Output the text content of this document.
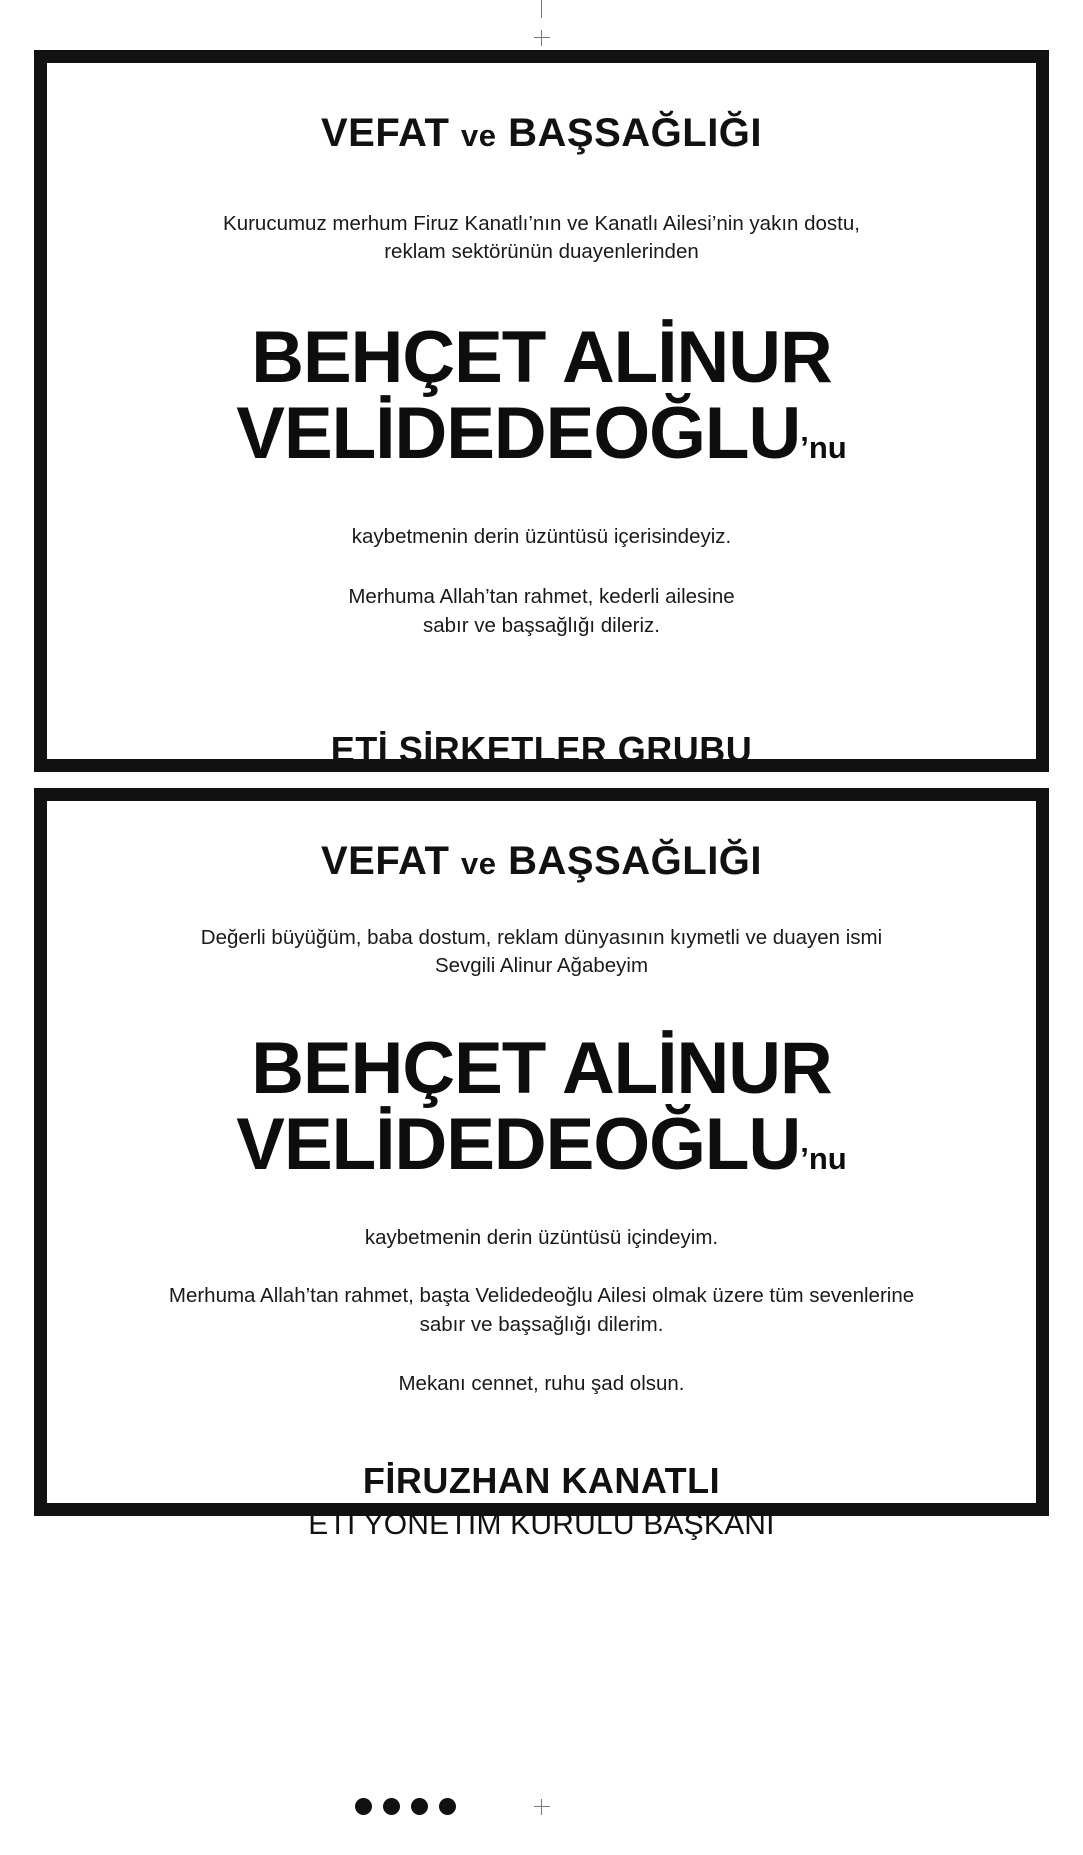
VEFAT ve BAŞSAĞLIĞI
Kurucumuz merhum Firuz Kanatlı’nın ve Kanatlı Ailesi’nin yakın dostu,
reklam sektörünün duayenlerinden
BEHÇET ALİNUR
VELİDEDEOĞLU’nu
kaybetmenin derin üzüntüsü içerisindeyiz.
Merhuma Allah’tan rahmet, kederli ailesine
sabır ve başsağlığı dileriz.
ETİ ŞİRKETLER GRUBU
VEFAT ve BAŞSAĞLIĞI
Değerli büyüğüm, baba dostum, reklam dünyasının kıymetli ve duayen ismi
Sevgili Alinur Ağabeyim
BEHÇET ALİNUR
VELİDEDEOĞLU’nu
kaybetmenin derin üzüntüsü içindeyim.
Merhuma Allah’tan rahmet, başta Velidedeoğlu Ailesi olmak üzere tüm sevenlerine
sabır ve başsağlığı dilerim.
Mekanı cennet, ruhu şad olsun.
FİRUZHAN KANATLI
ETİ YÖNETİM KURULU BAŞKANI
